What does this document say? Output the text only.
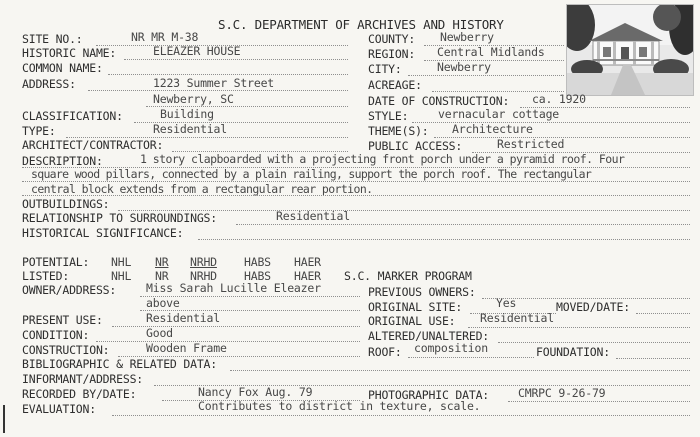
S.C. DEPARTMENT OF ARCHIVES AND HISTORY
SITE NO.:	NR MR M-38
HISTORIC NAME:	ELEAZER HOUSE
COMMON NAME:
ADDRESS:	1223 Summer Street
Newberry, SC
CLASSIFICATION:	Building
TYPE:	Residential
ARCHITECT/CONTRACTOR:
COUNTY: Newberry
REGION: Central Midlands
CITY:	Newberry
ACREAGE:
DATE OF CONSTRUCTION: ca. 1920
STYLE:	vernacular cottage
THEME(S): Architecture
PUBLIC ACCESS:	Restricted
DESCRIPTION:	1 story clapboarded with a projecting front porch under a pyramid roof. Four
square wood pillars, connected by a plain railing, support the porch roof. The rectangular
central block extends from a rectangular rear portion.
OUTBUILDINGS:
RELATIONSHIP TO SURROUNDINGS:	Residential
HISTORICAL SIGNIFICANCE:
POTENTIAL: NHL NR NRHD HABS HAER
LISTED:	NHL NR NRHD HABS HAER S.C. MARKER PROGRAM
OWNER/ADDRESS:	Miss Sarah Lucille Eleazer
above
PREVIOUS OWNERS:
ORIGINAL SITE:	Yes	MOVED/DATE:
PRESENT USE:	Residential	ORIGINAL USE: Residential
CONDITION:	Good	ALTERED/UNALTERED:
CONSTRUCTION:	Wooden Frame	ROOF: composition	FOUNDATION:
BIBLIOGRAPHIC & RELATED DATA:
INFORMANT/ADDRESS:
RECORDED BY/DATE:	Nancy Fox Aug. 79	PHOTOGRAPHIC DATA:	CMRPC 9-26-79
EVALUATION:	Contributes to district in texture, scale.
